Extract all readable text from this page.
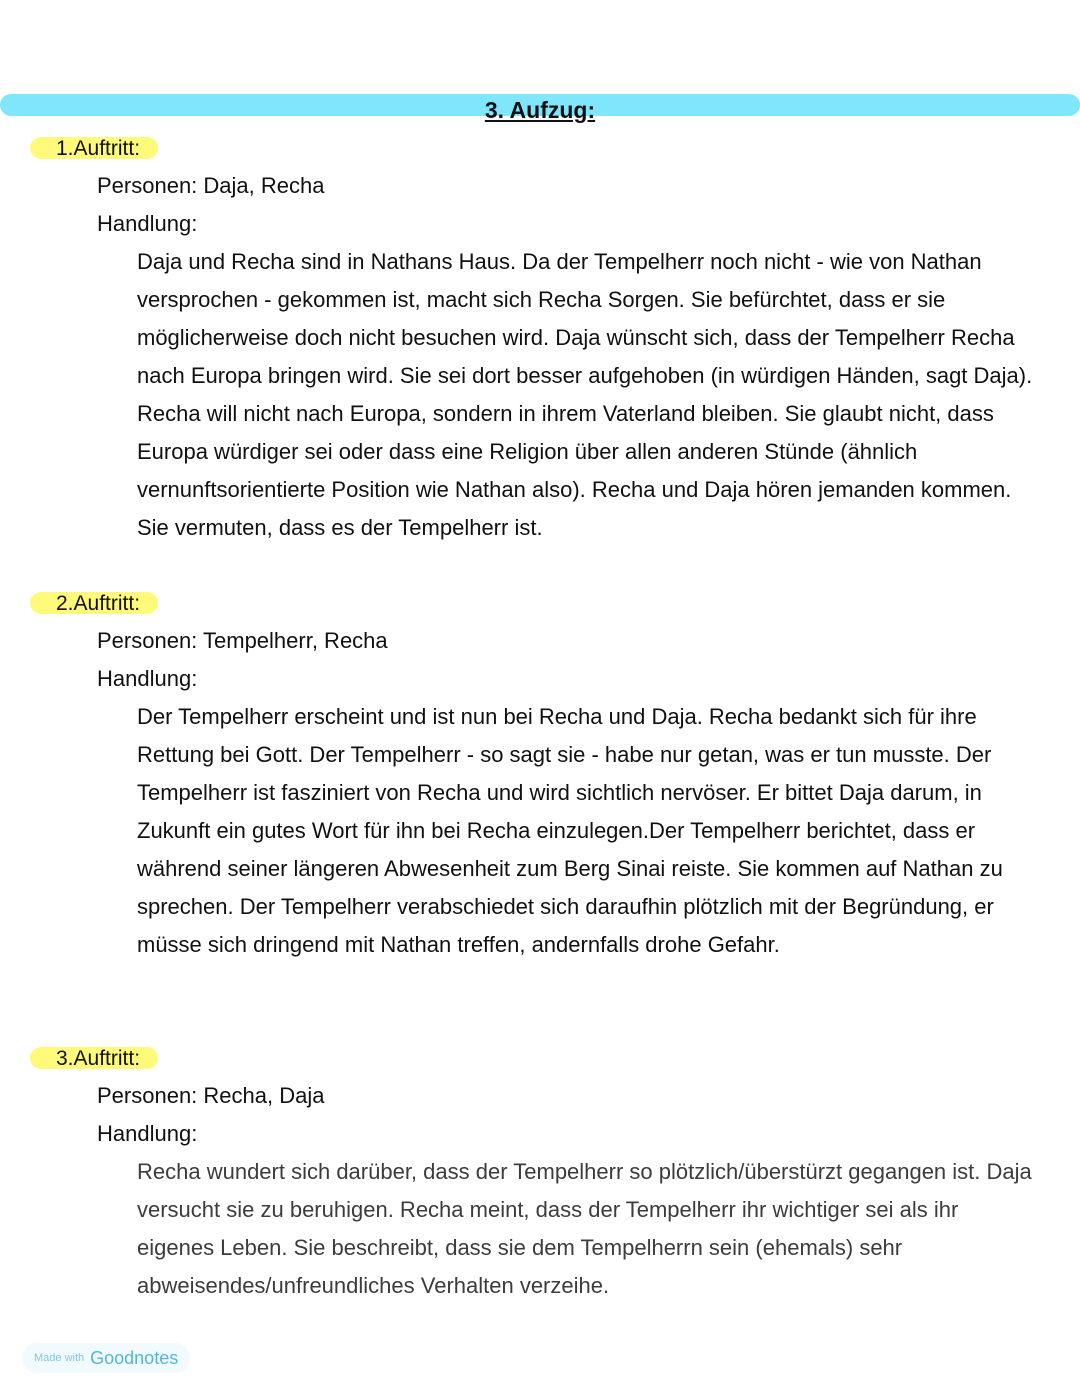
3. Aufzug:
1.Auftritt:
Personen: Daja, Recha
Handlung:

Daja und Recha sind in Nathans Haus. Da der Tempelherr noch nicht - wie von Nathan versprochen - gekommen ist, macht sich Recha Sorgen. Sie befürchtet, dass er sie möglicherweise doch nicht besuchen wird. Daja wünscht sich, dass der Tempelherr Recha nach Europa bringen wird. Sie sei dort besser aufgehoben (in würdigen Händen, sagt Daja). Recha will nicht nach Europa, sondern in ihrem Vaterland bleiben. Sie glaubt nicht, dass Europa würdiger sei oder dass eine Religion über allen anderen Stünde (ähnlich vernunftsorientierte Position wie Nathan also). Recha und Daja hören jemanden kommen. Sie vermuten, dass es der Tempelherr ist.

2.Auftritt:
Personen: Tempelherr, Recha
Handlung:

Der Tempelherr erscheint und ist nun bei Recha und Daja. Recha bedankt sich für ihre Rettung bei Gott. Der Tempelherr - so sagt sie - habe nur getan, was er tun musste. Der Tempelherr ist fasziniert von Recha und wird sichtlich nervöser. Er bittet Daja darum, in Zukunft ein gutes Wort für ihn bei Recha einzulegen.Der Tempelherr berichtet, dass er während seiner längeren Abwesenheit zum Berg Sinai reiste. Sie kommen auf Nathan zu sprechen. Der Tempelherr verabschiedet sich daraufhin plötzlich mit der Begründung, er müsse sich dringend mit Nathan treffen, andernfalls drohe Gefahr.

3.Auftritt:
Personen: Recha, Daja
Handlung:

Recha wundert sich darüber, dass der Tempelherr so plötzlich/überstürzt gegangen ist. Daja versucht sie zu beruhigen. Recha meint, dass der Tempelherr ihr wichtiger sei als ihr eigenes Leben. Sie beschreibt, dass sie dem Tempelherrn sein (ehemals) sehr abweisendes/unfreundliches Verhalten verzeihe.

Made with Goodnotes
